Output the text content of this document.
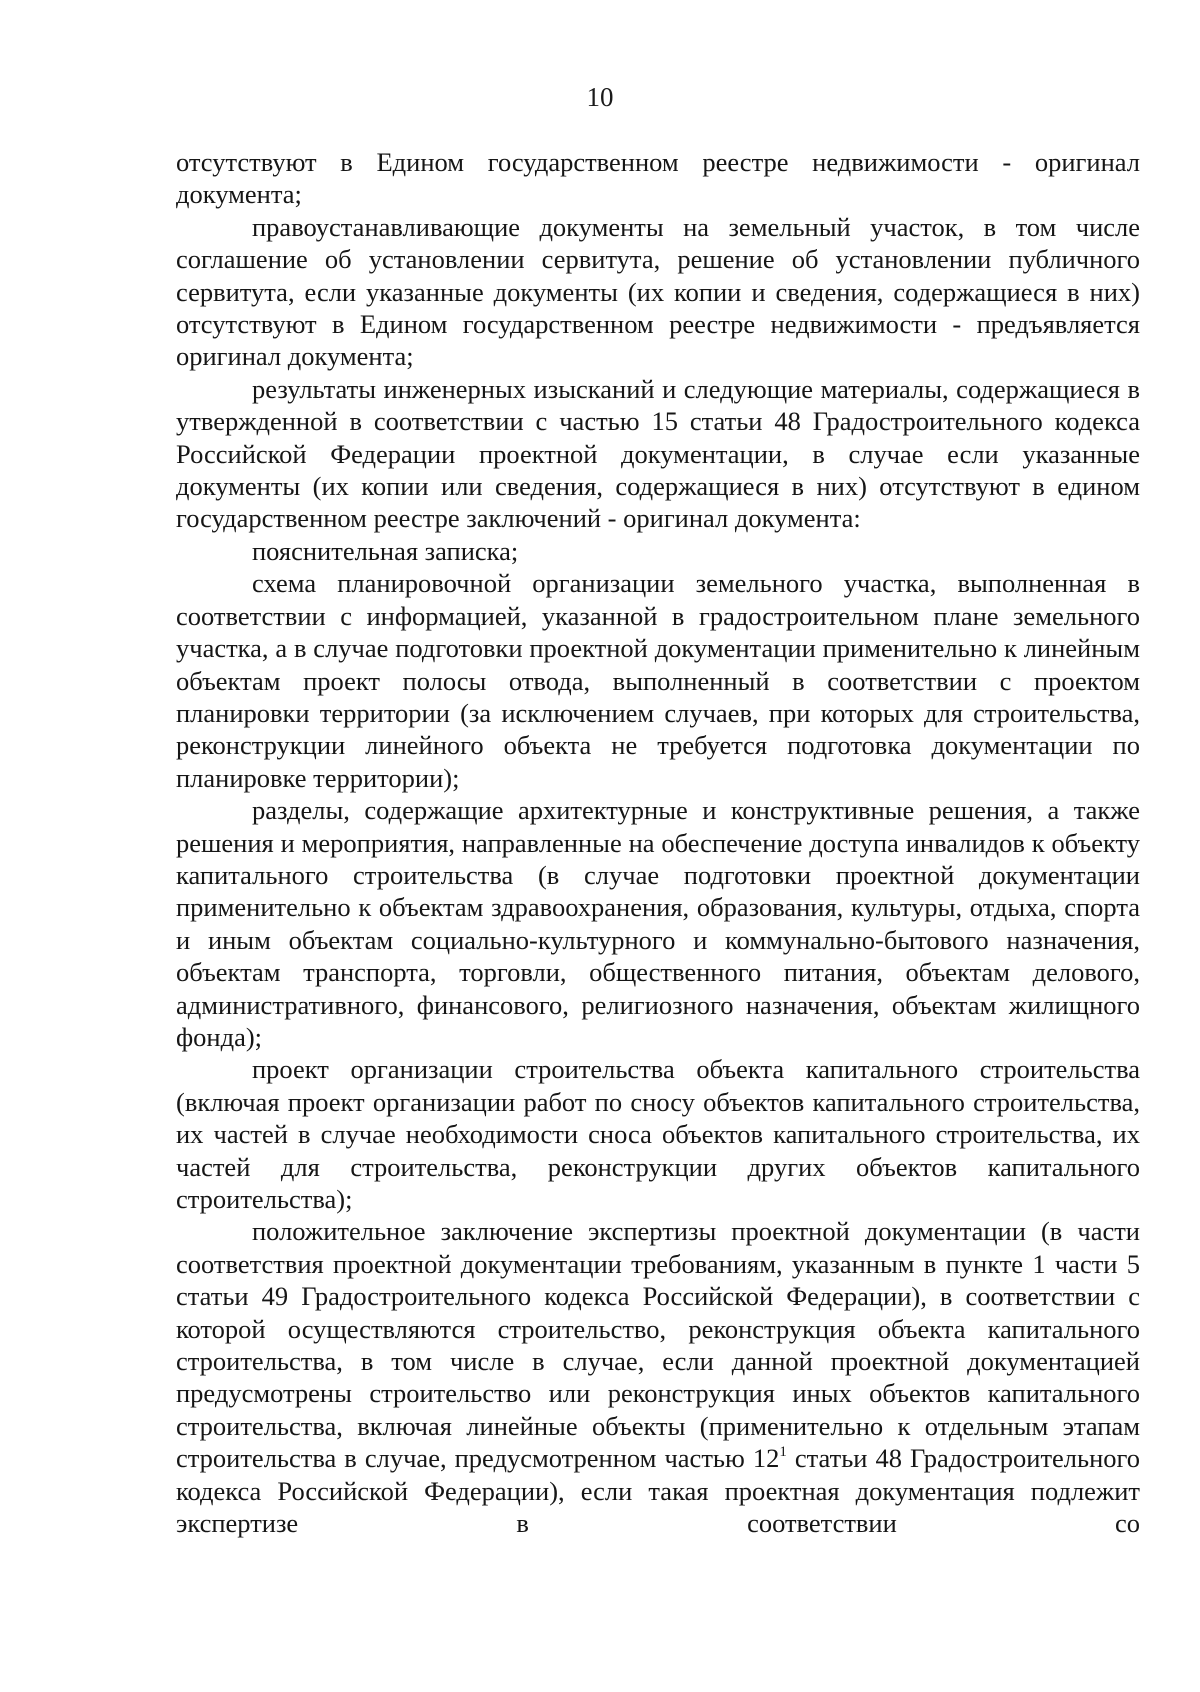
10

отсутствуют в Едином государственном реестре недвижимости - оригинал документа;

правоустанавливающие документы на земельный участок, в том числе соглашение об установлении сервитута, решение об установлении публичного сервитута, если указанные документы (их копии и сведения, содержащиеся в них) отсутствуют в Едином государственном реестре недвижимости - предъявляется оригинал документа;

результаты инженерных изысканий и следующие материалы, содержащиеся в утвержденной в соответствии с частью 15 статьи 48 Градостроительного кодекса Российской Федерации проектной документации, в случае если указанные документы (их копии или сведения, содержащиеся в них) отсутствуют в едином государственном реестре заключений - оригинал документа:

пояснительная записка;

схема планировочной организации земельного участка, выполненная в соответствии с информацией, указанной в градостроительном плане земельного участка, а в случае подготовки проектной документации применительно к линейным объектам проект полосы отвода, выполненный в соответствии с проектом планировки территории (за исключением случаев, при которых для строительства, реконструкции линейного объекта не требуется подготовка документации по планировке территории);

разделы, содержащие архитектурные и конструктивные решения, а также решения и мероприятия, направленные на обеспечение доступа инвалидов к объекту капитального строительства (в случае подготовки проектной документации применительно к объектам здравоохранения, образования, культуры, отдыха, спорта и иным объектам социально-культурного и коммунально-бытового назначения, объектам транспорта, торговли, общественного питания, объектам делового, административного, финансового, религиозного назначения, объектам жилищного фонда);

проект организации строительства объекта капитального строительства (включая проект организации работ по сносу объектов капитального строительства, их частей в случае необходимости сноса объектов капитального строительства, их частей для строительства, реконструкции других объектов капитального строительства);

положительное заключение экспертизы проектной документации (в части соответствия проектной документации требованиям, указанным в пункте 1 части 5 статьи 49 Градостроительного кодекса Российской Федерации), в соответствии с которой осуществляются строительство, реконструкция объекта капитального строительства, в том числе в случае, если данной проектной документацией предусмотрены строительство или реконструкция иных объектов капитального строительства, включая линейные объекты (применительно к отдельным этапам строительства в случае, предусмотренном частью $12^1$ статьи 48 Градостроительного кодекса Российской Федерации), если такая проектная документация подлежит экспертизе в соответствии со
